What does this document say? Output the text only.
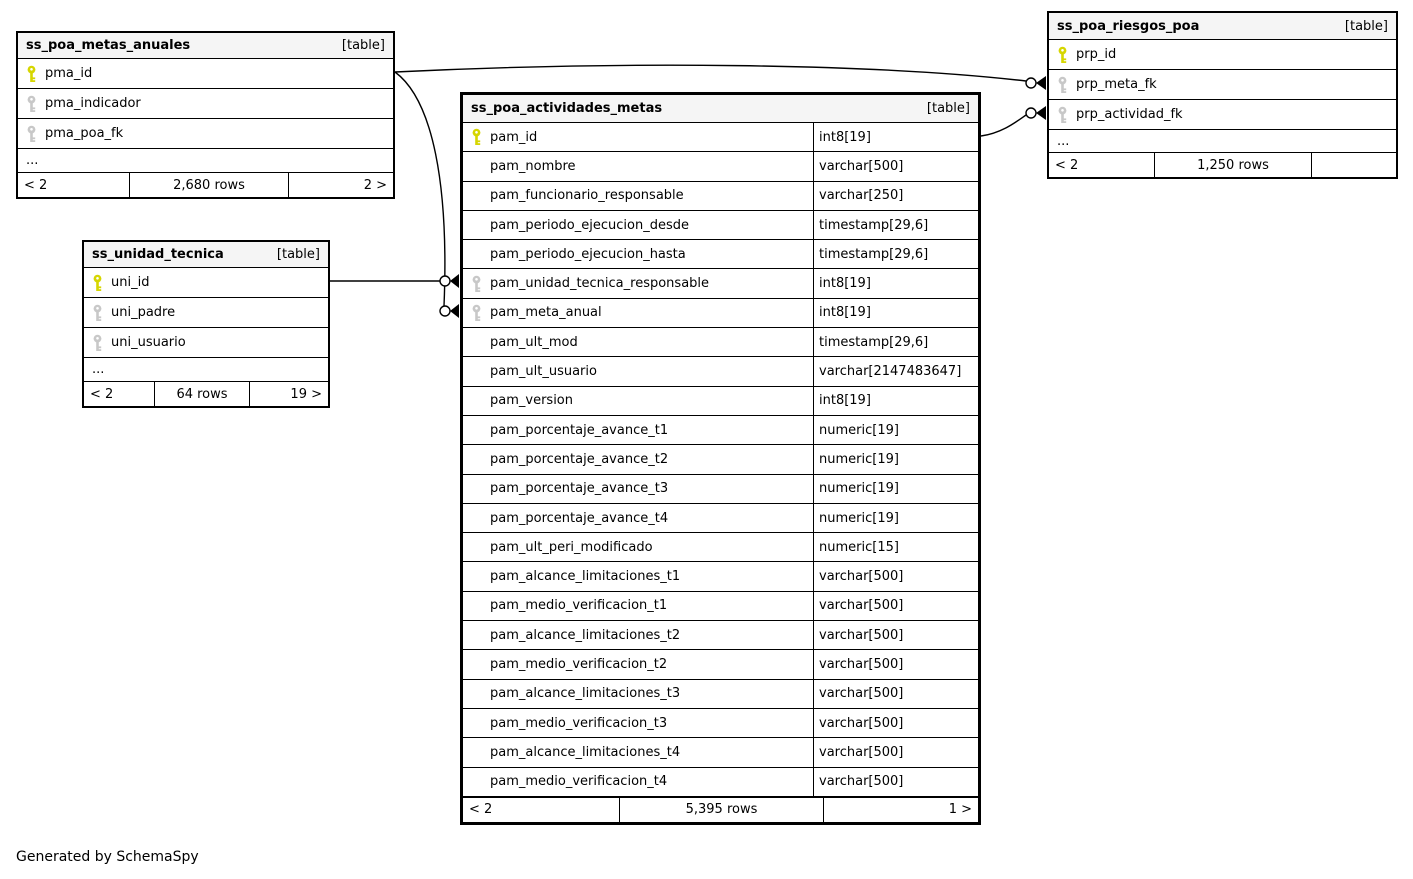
ss_poa_metas_anuales	[table]
pma_id
pma_indicador
pma_poa_fk
...
< 2	2,680 rows	2 >
ss_unidad_tecnica	[table]
uni_id
uni_padre
uni_usuario
...
< 2	64 rows	19 >
ss_poa_actividades_metas	[table]
pam_id	int8[19]
pam_nombre	varchar[500]
pam_funcionario_responsable	varchar[250]
pam_periodo_ejecucion_desde	timestamp[29,6]
pam_periodo_ejecucion_hasta	timestamp[29,6]
pam_unidad_tecnica_responsable	int8[19]
pam_meta_anual	int8[19]
pam_ult_mod	timestamp[29,6]
pam_ult_usuario	varchar[2147483647]
pam_version	int8[19]
pam_porcentaje_avance_t1	numeric[19]
pam_porcentaje_avance_t2	numeric[19]
pam_porcentaje_avance_t3	numeric[19]
pam_porcentaje_avance_t4	numeric[19]
pam_ult_peri_modificado	numeric[15]
pam_alcance_limitaciones_t1	varchar[500]
pam_medio_verificacion_t1	varchar[500]
pam_alcance_limitaciones_t2	varchar[500]
pam_medio_verificacion_t2	varchar[500]
pam_alcance_limitaciones_t3	varchar[500]
pam_medio_verificacion_t3	varchar[500]
pam_alcance_limitaciones_t4	varchar[500]
pam_medio_verificacion_t4	varchar[500]
< 2	5,395 rows	1 >
ss_poa_riesgos_poa	[table]
prp_id
prp_meta_fk
prp_actividad_fk
...
< 2	1,250 rows
Generated by SchemaSpy
